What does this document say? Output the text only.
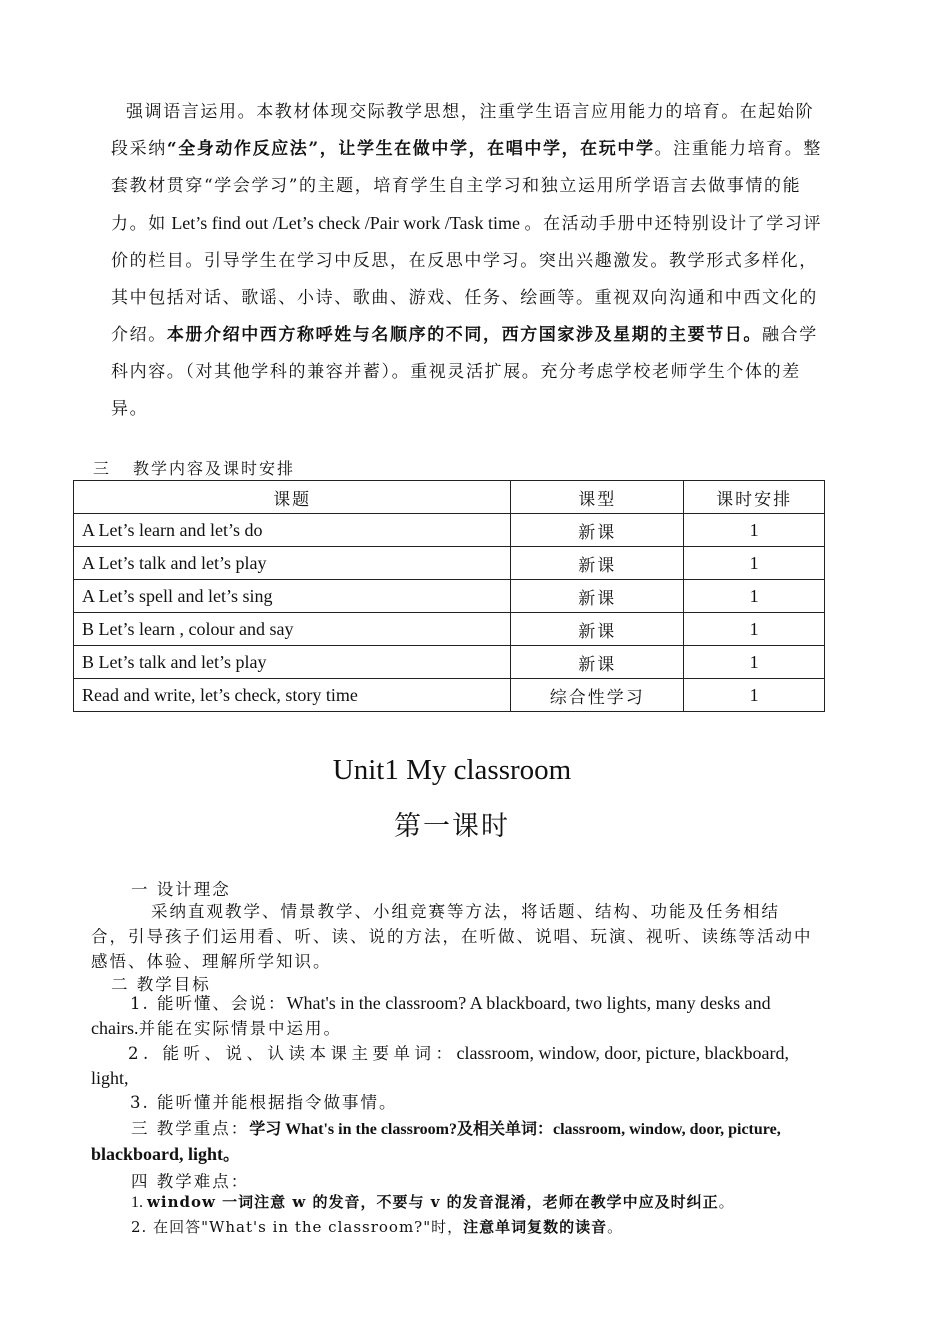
强调语言运用。本教材体现交际教学思想，注重学生语言应用能力的培育。在起始阶段采纳“全身动作反应法”，让学生在做中学，在唱中学，在玩中学。注重能力培育。整套教材贯穿“学会学习”的主题，培育学生自主学习和独立运用所学语言去做事情的能力。如 Let’s find out /Let’s check /Pair work /Task time 。在活动手册中还特别设计了学习评价的栏目。引导学生在学习中反思，在反思中学习。突出兴趣激发。教学形式多样化，其中包括对话、歌谣、小诗、歌曲、游戏、任务、绘画等。重视双向沟通和中西文化的介绍。本册介绍中西方称呼姓与名顺序的不同，西方国家涉及星期的主要节日。融合学科内容。（对其他学科的兼容并蓄）。重视灵活扩展。充分考虑学校老师学生个体的差异。
三 教学内容及课时安排
课题	课型	课时安排
A Let’s learn and let’s do	新课	1
A Let’s talk and let’s play	新课	1
A Let’s spell and let’s sing	新课	1
B Let’s learn , colour and say	新课	1
B Let’s talk and let’s play	新课	1
Read and write, let’s check, story time	综合性学习	1
Unit1 My classroom
第一课时
一 设计理念
采纳直观教学、情景教学、小组竞赛等方法，将话题、结构、功能及任务相结合，引导孩子们运用看、听、读、说的方法，在听做、说唱、玩演、视听、读练等活动中感悟、体验、理解所学知识。
二 教学目标
1. 能听懂、会说：What's in the classroom? A blackboard, two lights, many desks and chairs.并能在实际情景中运用。
2. 能听、说、认读本课主要单词：classroom, window, door, picture, blackboard, light,
3. 能听懂并能根据指令做事情。
三 教学重点：学习 What's in the classroom?及相关单词：classroom, window, door, picture, blackboard, light。
四 教学难点：
1. window 一词注意 w 的发音，不要与 v 的发音混淆，老师在教学中应及时纠正。
2. 在回答"What's in the classroom?"时，注意单词复数的读音。
